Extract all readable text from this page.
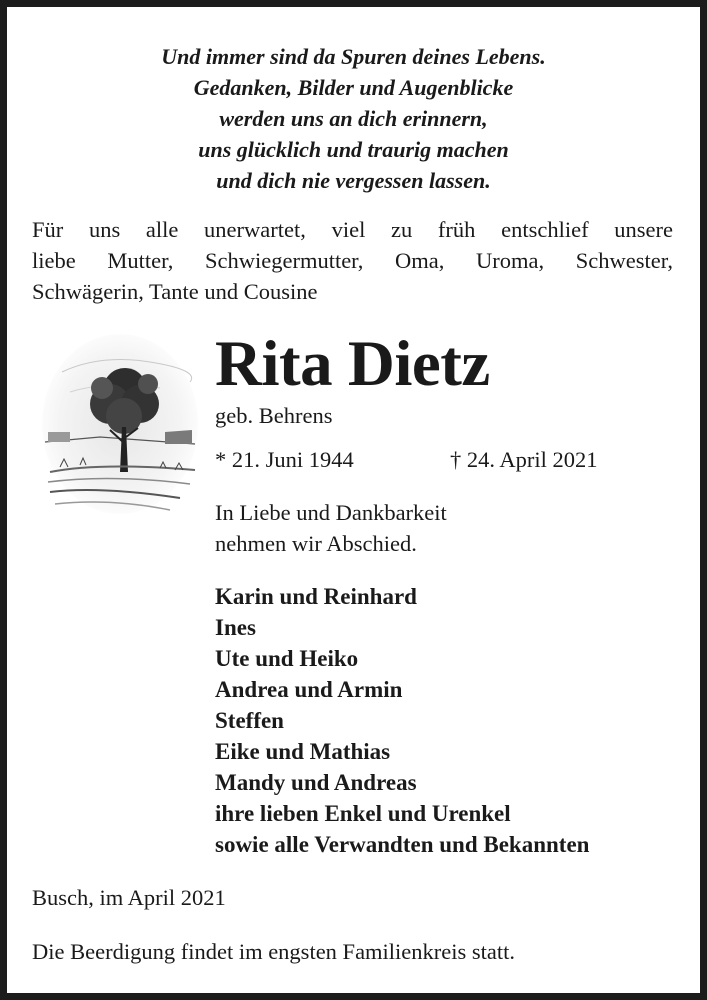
Und immer sind da Spuren deines Lebens.
Gedanken, Bilder und Augenblicke
werden uns an dich erinnern,
uns glücklich und traurig machen
und dich nie vergessen lassen.
Für uns alle unerwartet, viel zu früh entschlief unsere
liebe Mutter, Schwiegermutter, Oma, Uroma, Schwester,
Schwägerin, Tante und Cousine
Rita Dietz
geb. Behrens
* 21. Juni 1944	† 24. April 2021
In Liebe und Dankbarkeit
nehmen wir Abschied.
Karin und Reinhard
Ines
Ute und Heiko
Andrea und Armin
Steffen
Eike und Mathias
Mandy und Andreas
ihre lieben Enkel und Urenkel
sowie alle Verwandten und Bekannten
Busch, im April 2021
Die Beerdigung findet im engsten Familienkreis statt.
